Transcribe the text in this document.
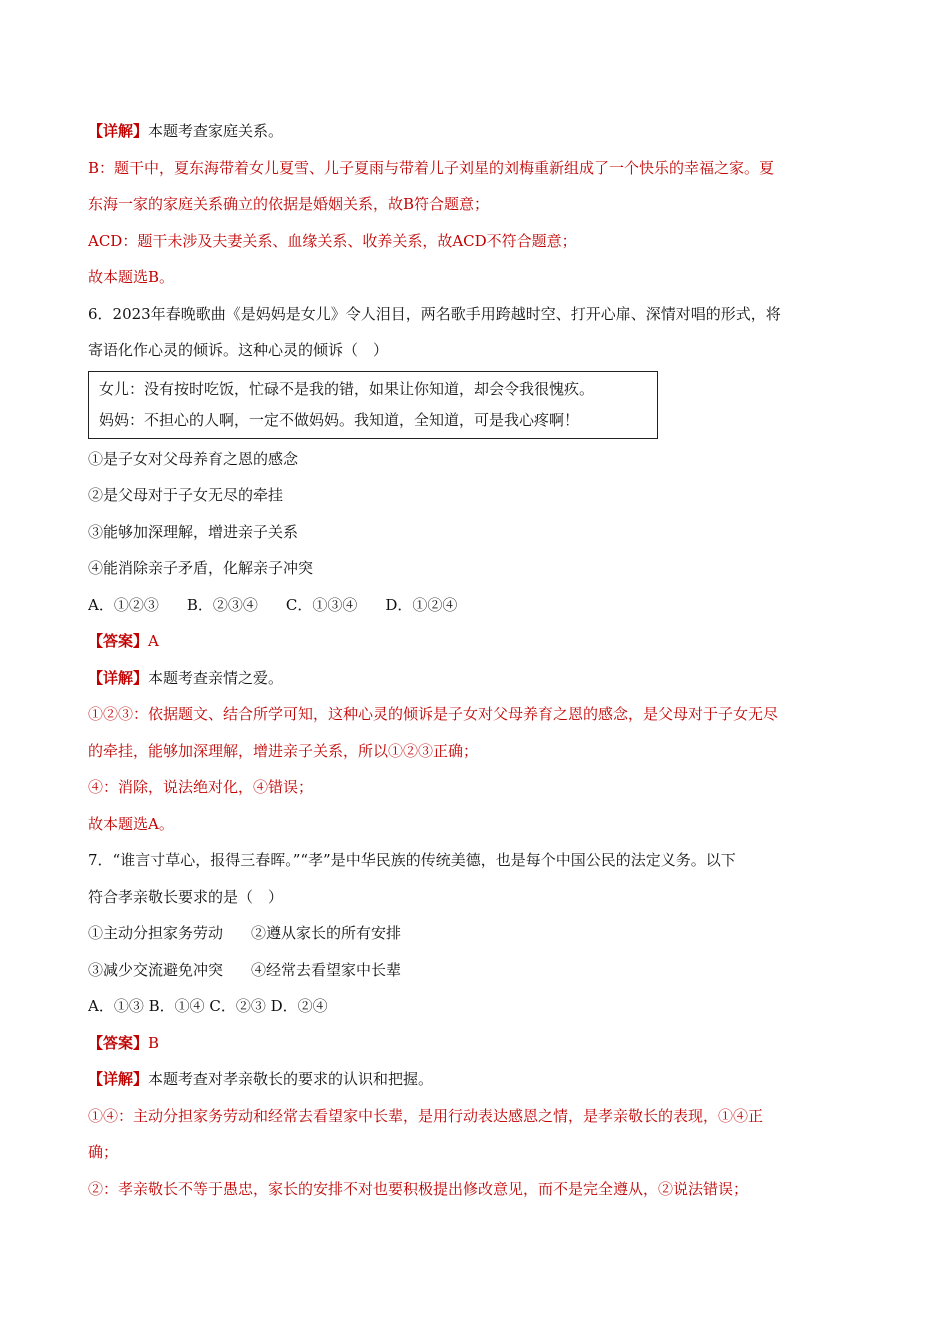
【详解】本题考查家庭关系。
B：题干中，夏东海带着女儿夏雪、儿子夏雨与带着儿子刘星的刘梅重新组成了一个快乐的幸福之家。夏
东海一家的家庭关系确立的依据是婚姻关系，故B符合题意；
ACD：题干未涉及夫妻关系、血缘关系、收养关系，故ACD不符合题意；
故本题选B。
6．2023年春晚歌曲《是妈妈是女儿》令人泪目，两名歌手用跨越时空、打开心扉、深情对唱的形式，将
寄语化作心灵的倾诉。这种心灵的倾诉（　）
女儿：没有按时吃饭，忙碌不是我的错，如果让你知道，却会令我很愧疚。
妈妈：不担心的人啊，一定不做妈妈。我知道，全知道，可是我心疼啊！
①是子女对父母养育之恩的感念
②是父母对于子女无尽的牵挂
③能够加深理解，增进亲子关系
④能消除亲子矛盾，化解亲子冲突
A．①②③ B．②③④ C．①③④ D．①②④
【答案】A
【详解】本题考查亲情之爱。
①②③：依据题文、结合所学可知，这种心灵的倾诉是子女对父母养育之恩的感念，是父母对于子女无尽
的牵挂，能够加深理解，增进亲子关系，所以①②③正确；
④：消除，说法绝对化，④错误；
故本题选A。
7．“谁言寸草心，报得三春晖。”“孝”是中华民族的传统美德，也是每个中国公民的法定义务。以下
符合孝亲敬长要求的是（　）
①主动分担家务劳动 ②遵从家长的所有安排
③减少交流避免冲突 ④经常去看望家中长辈
A．①③ B．①④ C．②③ D．②④
【答案】B
【详解】本题考查对孝亲敬长的要求的认识和把握。
①④：主动分担家务劳动和经常去看望家中长辈，是用行动表达感恩之情，是孝亲敬长的表现，①④正
确；
②：孝亲敬长不等于愚忠，家长的安排不对也要积极提出修改意见，而不是完全遵从，②说法错误；
